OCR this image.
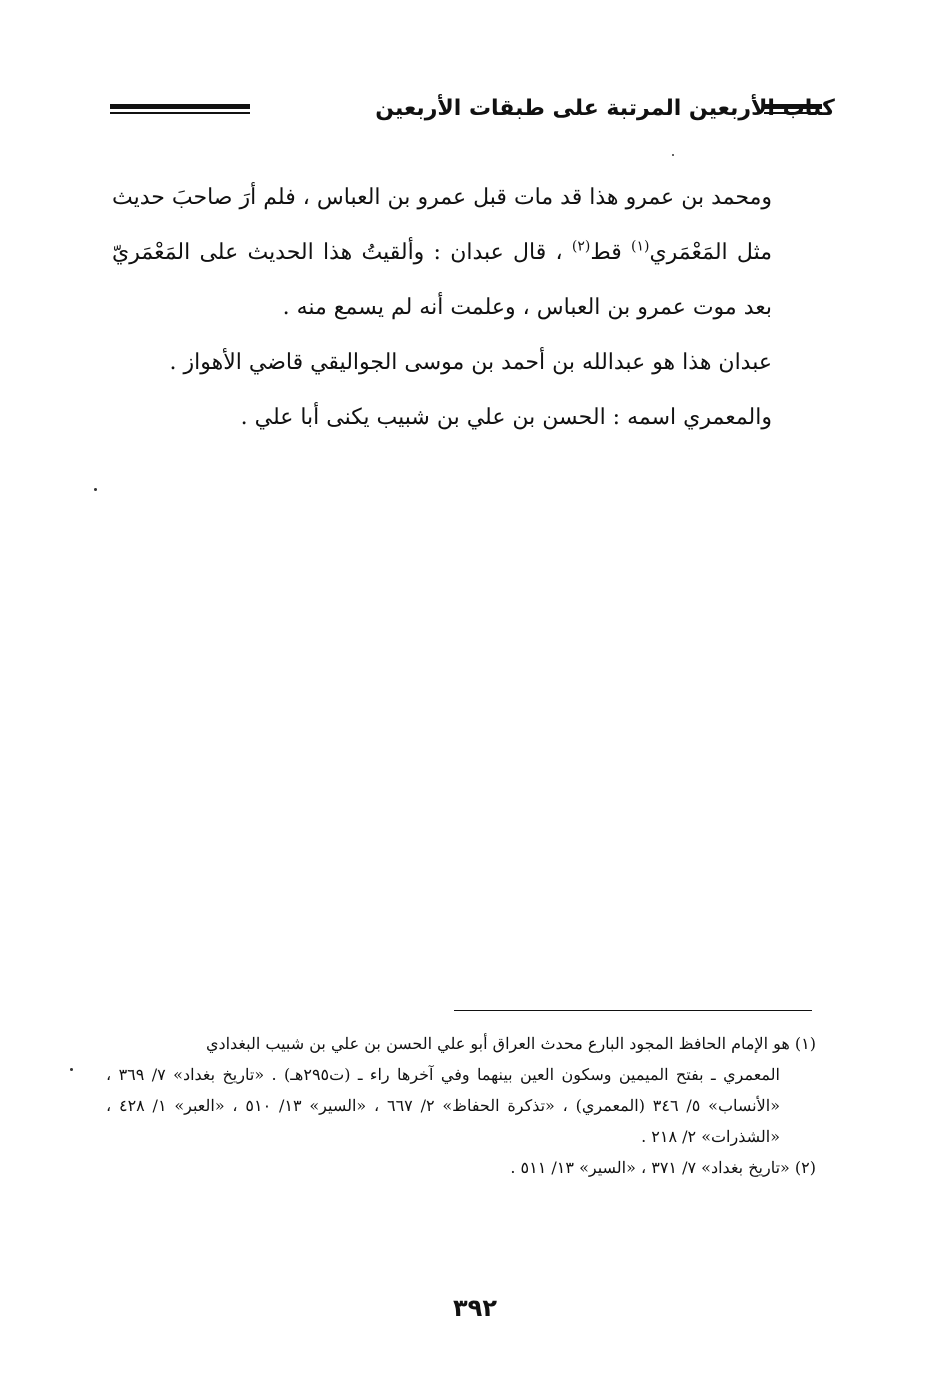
كتاب الأربعين المرتبة على طبقات الأربعين

ومحمد بن عمرو هذا قد مات قبل عمرو بن العباس ، فلم أرَ صاحبَ حديث مثل المَعْمَري$^{(١)}$ قط$^{(٢)}$ ، قال عبدان : وألقيتُ هذا الحديث على المَعْمَريّ بعد موت عمرو بن العباس ، وعلمت أنه لم يسمع منه .

عبدان هذا هو عبدالله بن أحمد بن موسى الجواليقي قاضي الأهواز .

والمعمري اسمه : الحسن بن علي بن شبيب يكنى أبا علي .

(١) هو الإمام الحافظ المجود البارع محدث العراق أبو علي الحسن بن علي بن شبيب البغدادي
المعمري ـ بفتح الميمين وسكون العين بينهما وفي آخرها راء ـ (ت٢٩٥هـ) . «تاريخ بغداد» ٧/ ٣٦٩ ، «الأنساب» ٥/ ٣٤٦ (المعمري) ، «تذكرة الحفاظ» ٢/ ٦٦٧ ، «السير» ١٣/ ٥١٠ ، «العبر» ١/ ٤٢٨ ، «الشذرات» ٢/ ٢١٨ .

(٢) «تاريخ بغداد» ٧/ ٣٧١ ، «السير» ١٣/ ٥١١ .

٣٩٢
